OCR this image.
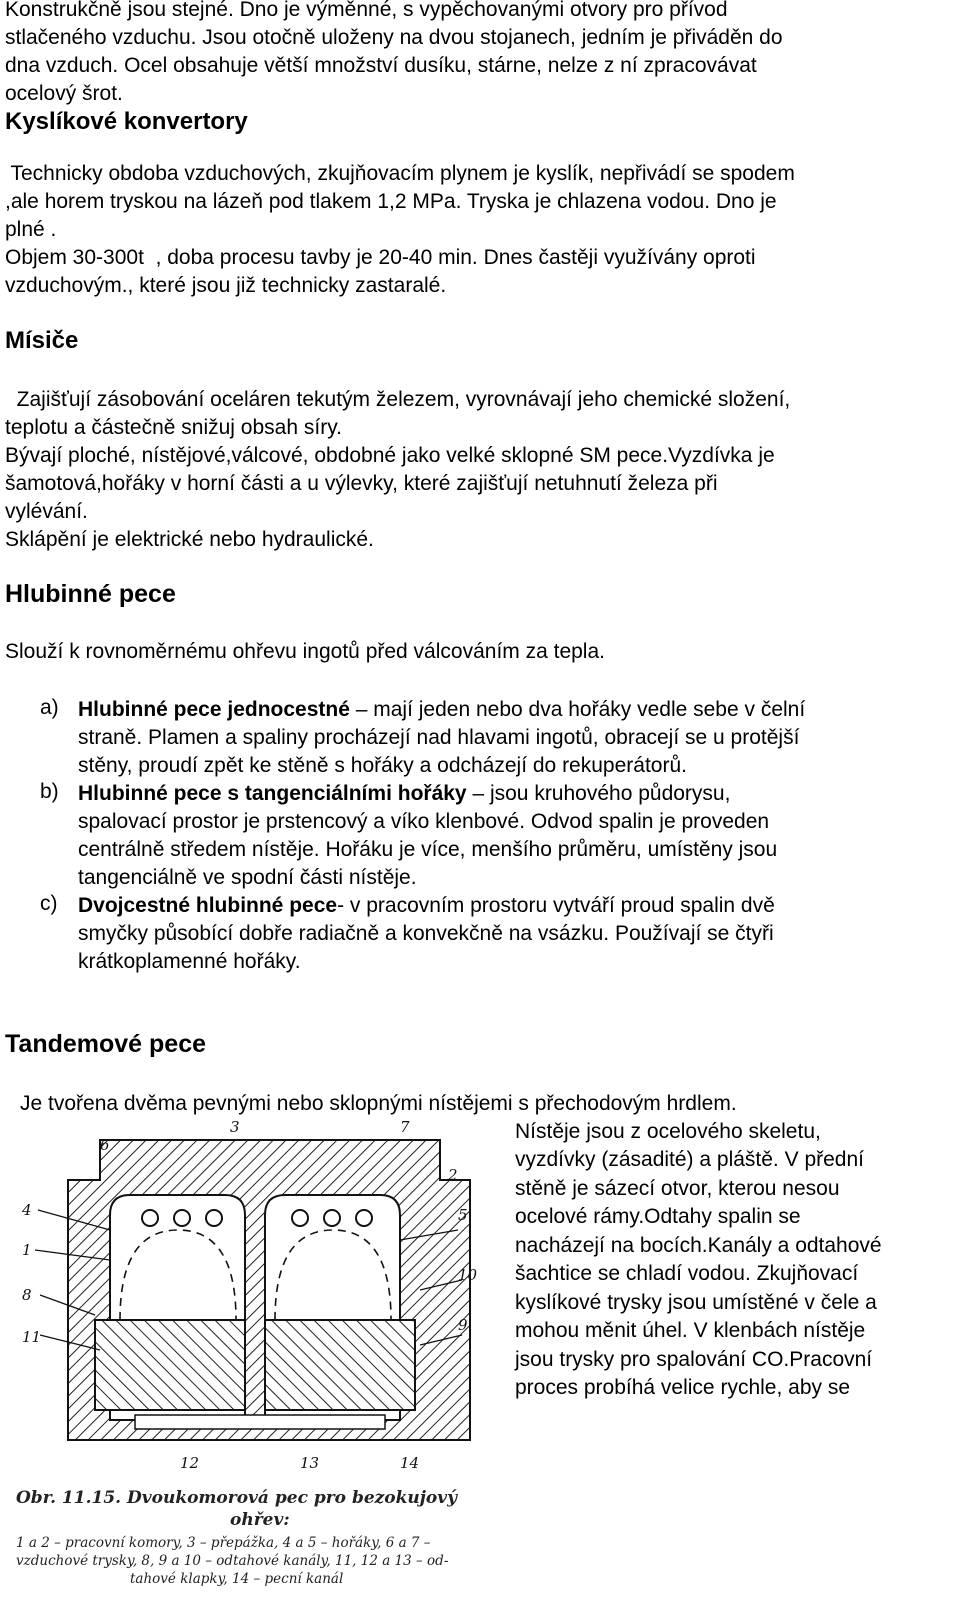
Konstrukčně jsou stejné. Dno je výměnné, s vypěchovanými otvory pro přívod
stlačeného vzduchu. Jsou otočně uloženy na dvou stojanech, jedním je přiváděn do
dna vzduch. Ocel obsahuje větší množství dusíku, stárne, nelze z ní zpracovávat
ocelový šrot.
Kyslíkové konvertory
Technicky obdoba vzduchových, zkujňovacím plynem je kyslík, nepřivádí se spodem
,ale horem tryskou na lázeň pod tlakem 1,2 MPa. Tryska je chlazena vodou. Dno je
plné .
Objem 30-300t  , doba procesu tavby je 20-40 min. Dnes častěji využívány oproti
vzduchovým., které jsou již technicky zastaralé.
Mísiče
Zajišťují zásobování oceláren tekutým železem, vyrovnávají jeho chemické složení,
teplotu a částečně snižuj obsah síry.
Bývají ploché, nístějové,válcové, obdobné jako velké sklopné SM pece.Vyzdívka je
šamotová,hořáky v horní části a u výlevky, které zajišťují netuhnutí železa při
vylévání.
Sklápění je elektrické nebo hydraulické.
Hlubinné pece
Slouží k rovnoměrnému ohřevu ingotů před válcováním za tepla.
a) Hlubinné pece jednocestné – mají jeden nebo dva hořáky vedle sebe v čelní
straně. Plamen a spaliny procházejí nad hlavami ingotů, obracejí se u protější
stěny, proudí zpět ke stěně s hořáky a odcházejí do rekuperátorů.
b) Hlubinné pece s tangenciálními hořáky – jsou kruhového půdorysu,
spalovací prostor je prstencový a víko klenbové. Odvod spalin je proveden
centrálně středem nístěje. Hořáku je více, menšího průměru, umístěny jsou
tangenciálně ve spodní části nístěje.
c) Dvojcestné hlubinné pece- v pracovním prostoru vytváří proud spalin dvě
smyčky působící dobře radiačně a konvekčně na vsázku. Používají se čtyři
krátkoplamenné hořáky.
Tandemové pece
Je tvořena dvěma pevnými nebo sklopnými nístějemi s přechodovým hrdlem.
Nístěje jsou z ocelového skeletu,
vyzdívky (zásadité) a pláště. V přední
stěně je sázecí otvor, kterou nesou
ocelové rámy.Odtahy spalin se
nacházejí na bocích.Kanály a odtahové
šachtice se chladí vodou. Zkujňovací
kyslíkové trysky jsou umístěné v čele a
mohou měnit úhel. V klenbách nístěje
jsou trysky pro spalování CO.Pracovní
proces probíhá velice rychle, aby se
6
3	7
4
2
5
1
10
8
9
11
12	13	14
Obr. 11.15. Dvoukomorová pec pro bezokujový
ohřev:
1 a 2 – pracovní komory, 3 – přepážka, 4 a 5 – hořáky, 6 a 7 –
vzduchové trysky, 8, 9 a 10 – odtahové kanály, 11, 12 a 13 – od-
tahové klapky, 14 – pecní kanál
